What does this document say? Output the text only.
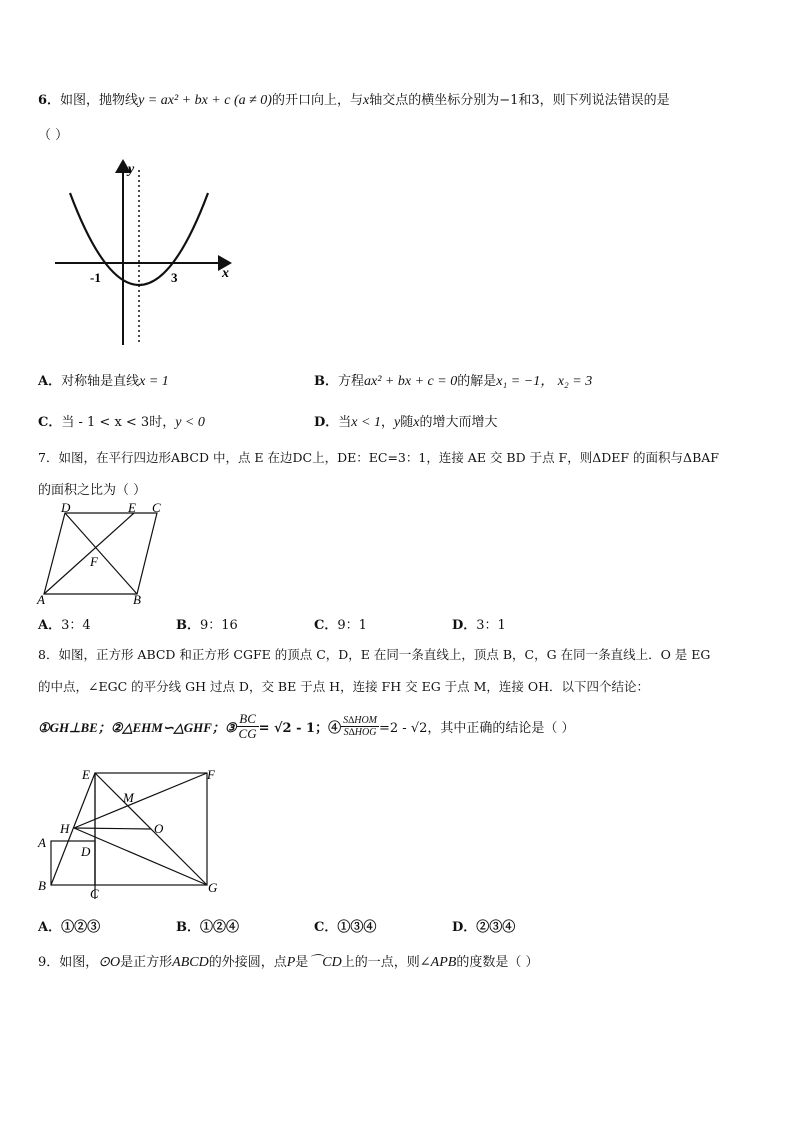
6．如图，抛物线y = ax² + bx + c (a ≠ 0)的开口向上，与x轴交点的横坐标分别为−1和3，则下列说法错误的是
（ ）
y
x
-1	3
A．对称轴是直线x = 1	B．方程ax² + bx + c = 0的解是x₁ = −1， x₂ = 3
C．当 - 1 < x < 3时，y < 0	D．当x < 1，y随x的增大而增大
7．如图，在平行四边形ABCD 中，点 E 在边DC上，DE：EC=3：1，连接 AE 交 BD 于点 F，则ΔDEF 的面积与ΔBAF
的面积之比为（ ）
D	E C
F
A	B
A．3：4	B．9：16	C．9：1	D．3：1
8．如图，正方形 ABCD 和正方形 CGFE 的顶点 C，D，E 在同一条直线上，顶点 B，C，G 在同一条直线上．O 是 EG
的中点，∠EGC 的平分线 GH 过点 D，交 BE 于点 H，连接 FH 交 EG 于点 M，连接 OH．以下四个结论：
①GH⊥BE；②△EHM∽△GHF；③ $\frac{BC}{CG} = √2 - 1$；④ $\frac{\text{S∆HOM}}{\text{S∆HOG}} =2 - √2$，其中正确的结论是（ ）
E	F
M
H	O
A
D
B
C	G
A．①②③	B．①②④	C．①③④	D．②③④
9．如图，⊙O是正方形ABCD的外接圆，点P是⌒CD上的一点，则∠APB的度数是（ ）
